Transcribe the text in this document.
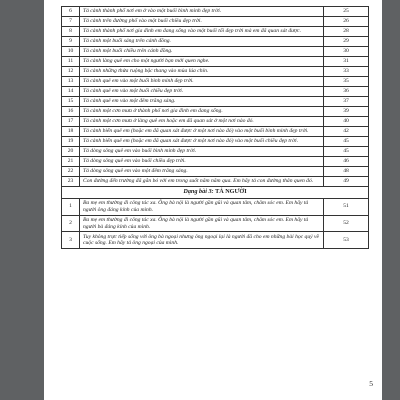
6	Tả cảnh thành phố nơi em ở vào một buổi bình minh đẹp trời.	25
7	Tả cảnh trên đường phố vào một buổi chiều đẹp trời.	26
8	Tả cảnh thành phố nơi gia đình em đang sống vào một buổi tối đẹp trời mà em đã quan sát được.	28
9	Tả cảnh một buổi sáng trên cánh đồng.	29
10	Tả cảnh một buổi chiều trên cánh đồng.	30
11	Tả cảnh làng quê em cho một người bạn mới quen nghe.	31
12	Tả cảnh những thửa ruộng bậc thang vào mùa lúa chín.	33
13	Tả cảnh quê em vào một buổi bình minh đẹp trời.	35
14	Tả cảnh quê em vào một buổi chiều đẹp trời.	36
15	Tả cảnh quê em vào một đêm trăng sáng.	37
16	Tả cảnh một cơn mưa ở thành phố nơi gia đình em đang sống.	39
17	Tả cảnh một cơn mưa ở làng quê em hoặc em đã quan sát ở một nơi nào đó.	40
18	Tả cảnh biển quê em (hoặc em đã quan sát được ở một nơi nào đó) vào một buổi bình minh đẹp trời.	42
19	Tả cảnh biển quê em (hoặc em đã quan sát được ở một nơi nào đó) vào một buổi chiều đẹp trời.	45
20	Tả dòng sông quê em vào buổi bình minh đẹp trời.	45
21	Tả dòng sông quê em vào buổi chiều đẹp trời.	46
22	Tả dòng sông quê em vào một đêm trăng sáng.	48
23	Con đường đến trường đã gắn bó với em trong suốt năm năm qua. Em hãy tả con đường thân quen đó.	49
Dạng bài 3: TẢ NGƯỜI		
1	Ba mẹ em thường đi công tác xa. Ông bà nội là người gần gũi và quan tâm, chăm sóc em. Em hãy tả người ông đáng kính của mình.	51
2	Ba mẹ em thường đi công tác xa. Ông bà nội là người gần gũi và quan tâm, chăm sóc em. Em hãy tả người bà đáng kính của mình.	52
3	Tuy không trực tiếp sống với ông bà ngoại nhưng ông ngoại lại là người đã cho em những bài học quý về cuộc sống. Em hãy tả ông ngoại của mình.	53
5
